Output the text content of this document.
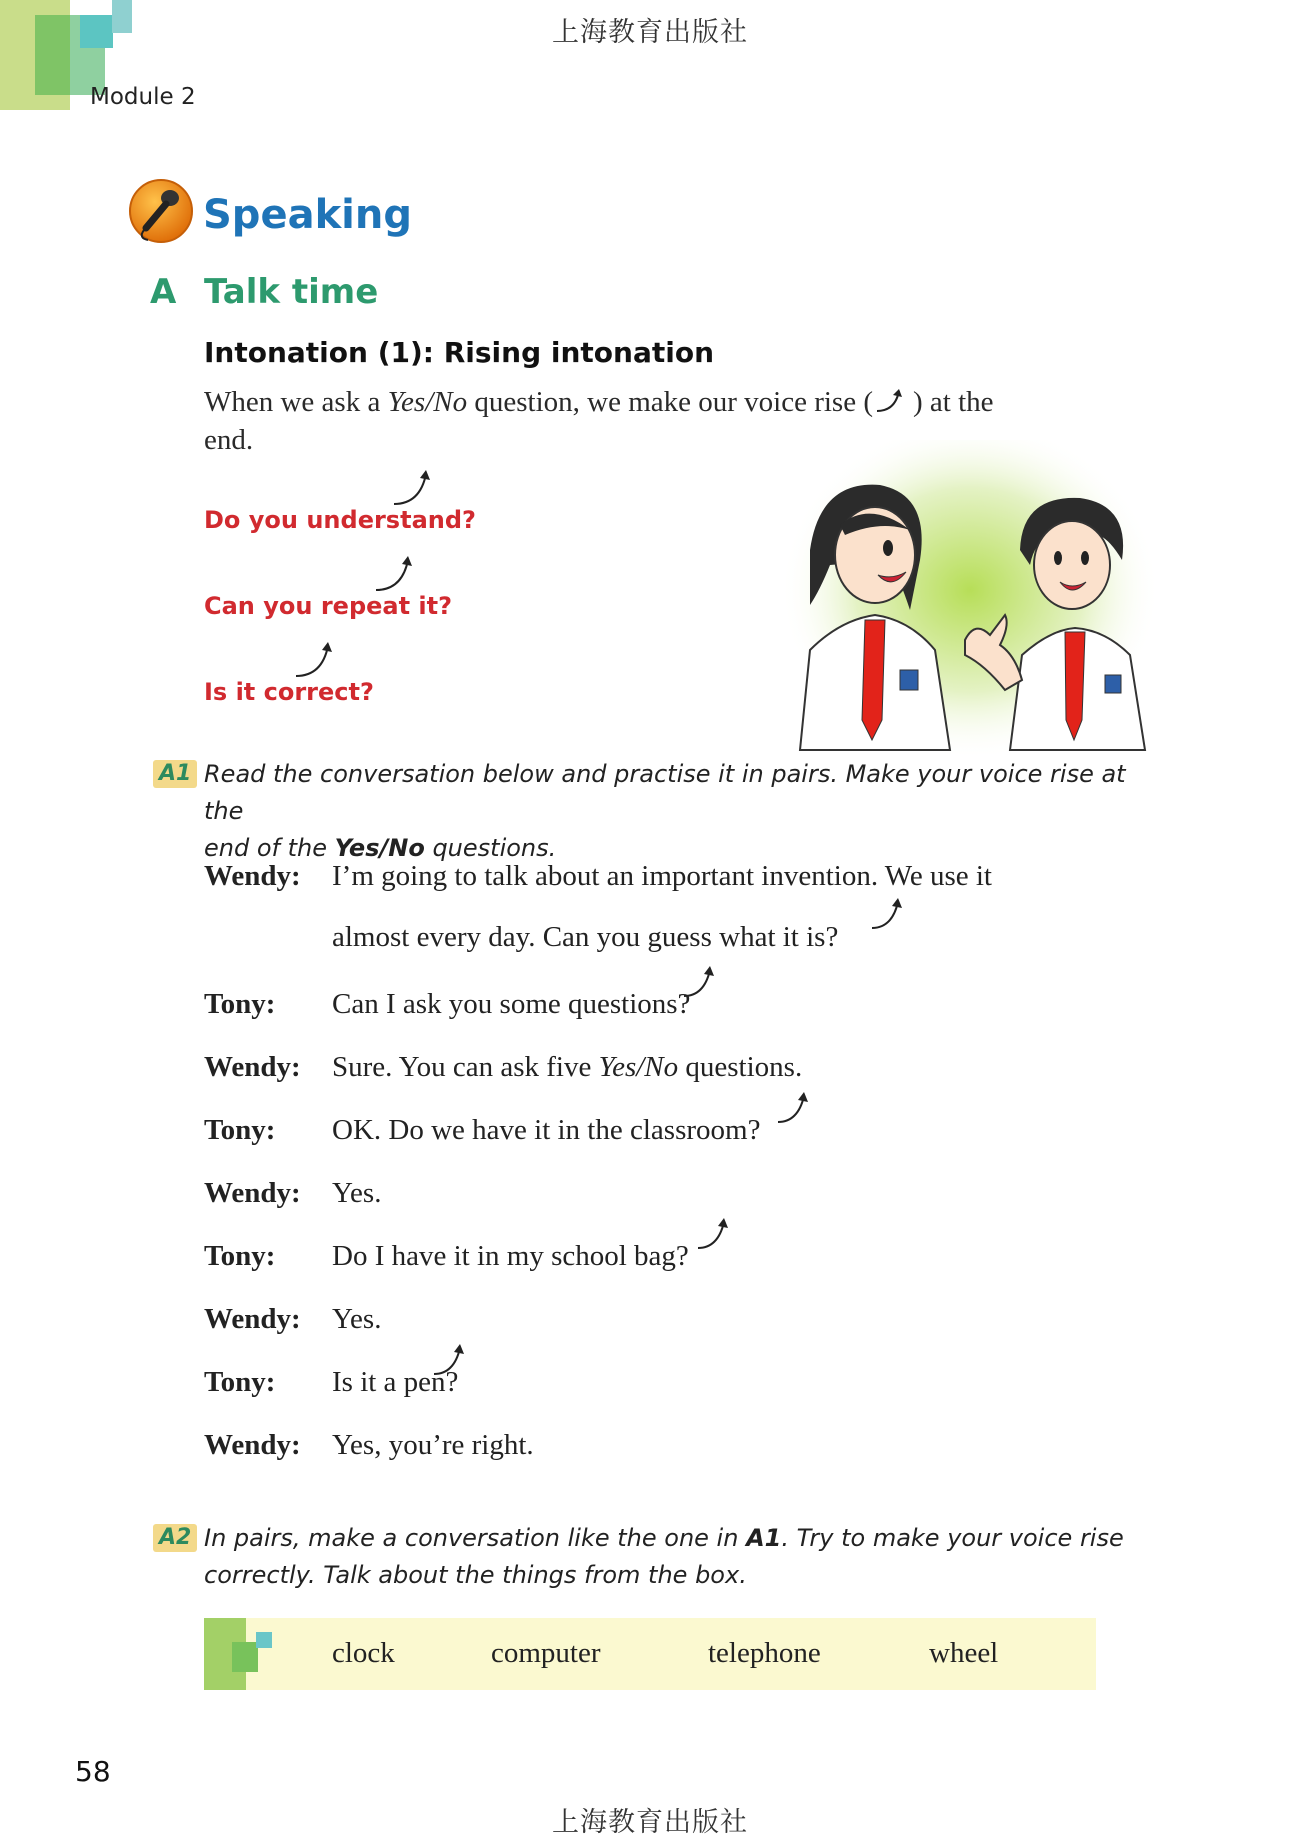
上海教育出版社
Module 2
Speaking
A Talk time
Intonation (1): Rising intonation
When we ask a Yes/No question, we make our voice rise ( ) at the
end.
Do you understand?
Can you repeat it?
Is it correct?
A1 Read the conversation below and practise it in pairs. Make your voice rise at the
end of the Yes/No questions.
Wendy: I’m going to talk about an important invention. We use it
almost every day. Can you guess what it is?
Tony: Can I ask you some questions?
Wendy: Sure. You can ask five Yes/No questions.
Tony: OK. Do we have it in the classroom?
Wendy: Yes.
Tony: Do I have it in my school bag?
Wendy: Yes.
Tony: Is it a pen?
Wendy: Yes, you’re right.
A2 In pairs, make a conversation like the one in A1. Try to make your voice rise
correctly. Talk about the things from the box.
clock	computer	telephone	wheel
58
上海教育出版社
